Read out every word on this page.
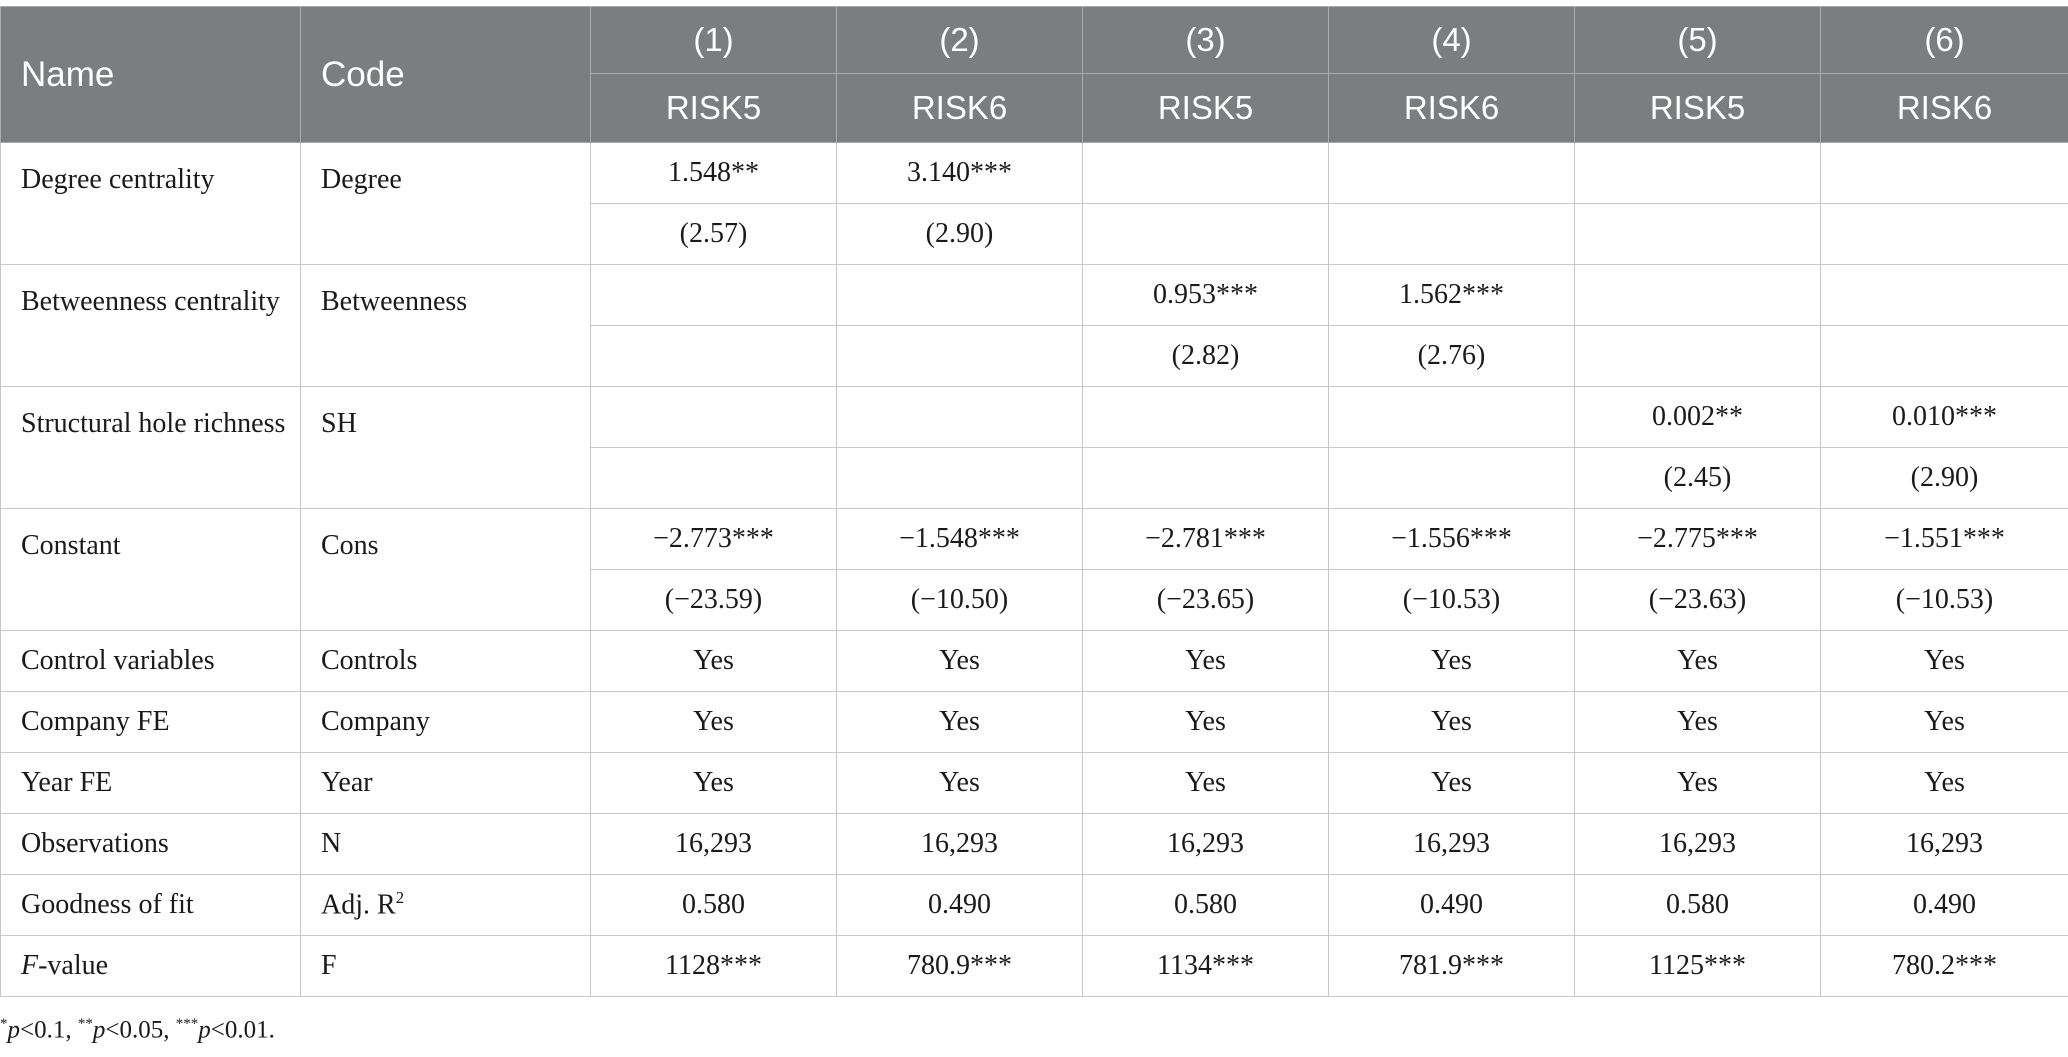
Name	Code	(1)	(2)	(3)	(4)	(5)	(6)
		RISK5	RISK6	RISK5	RISK6	RISK5	RISK6
Degree centrality	Degree	1.548**	3.140***				
		(2.57)	(2.90)				
Betweenness centrality	Betweenness			0.953***	1.562***		
				(2.82)	(2.76)		
Structural hole richness	SH					0.002**	0.010***
						(2.45)	(2.90)
Constant	Cons	−2.773***	−1.548***	−2.781***	−1.556***	−2.775***	−1.551***
		(−23.59)	(−10.50)	(−23.65)	(−10.53)	(−23.63)	(−10.53)
Control variables	Controls	Yes	Yes	Yes	Yes	Yes	Yes
Company FE	Company	Yes	Yes	Yes	Yes	Yes	Yes
Year FE	Year	Yes	Yes	Yes	Yes	Yes	Yes
Observations	N	16,293	16,293	16,293	16,293	16,293	16,293
Goodness of fit	Adj. $R^2$	0.580	0.490	0.580	0.490	0.580	0.490
F-value	F	1128***	780.9***	1134***	781.9***	1125***	780.2***
*p<0.1, **p<0.05, ***p<0.01.
